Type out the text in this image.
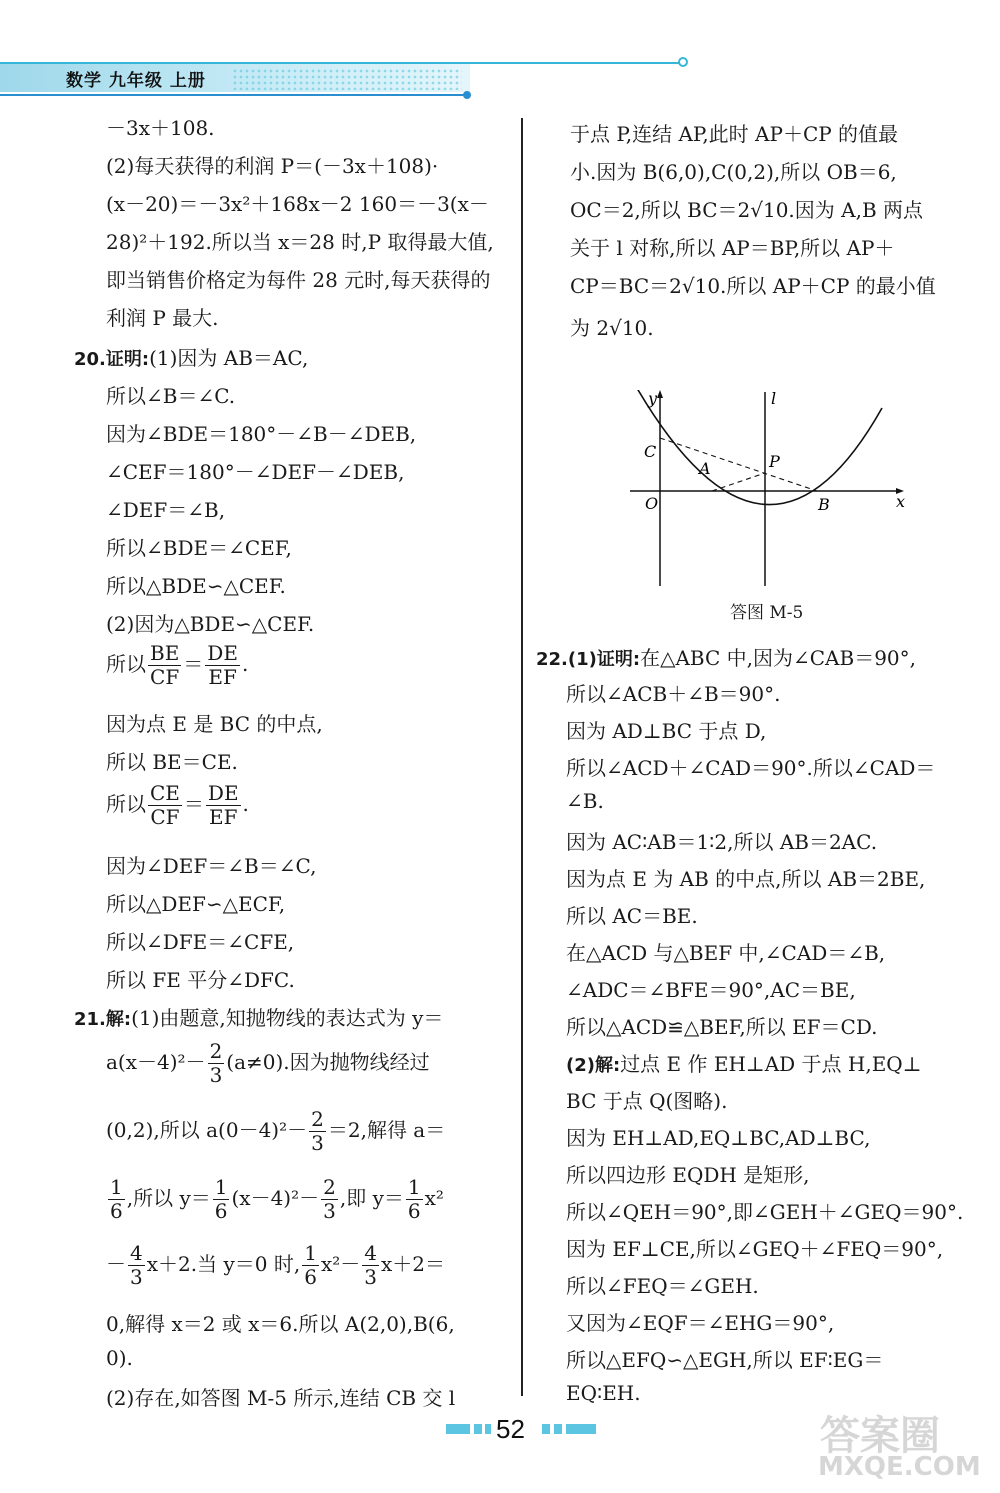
数学 九年级 上册
－3x＋108.
(2)每天获得的利润 P＝(－3x＋108)·
(x－20)＝－3x²＋168x－2 160＝－3(x－
28)²＋192.所以当 x＝28 时,P 取得最大值,
即当销售价格定为每件 28 元时,每天获得的
利润 P 最大.
20.证明:(1)因为 AB＝AC,
所以∠B＝∠C.
因为∠BDE＝180°－∠B－∠DEB,
∠CEF＝180°－∠DEF－∠DEB,
∠DEF＝∠B,
所以∠BDE＝∠CEF,
所以△BDE∽△CEF.
(2)因为△BDE∽△CEF.
所以 $\frac{BE}{CF} = \frac{DE}{EF}$ .
因为点 E 是 BC 的中点,
所以 BE＝CE.
所以 $\frac{CE}{CF} = \frac{DE}{EF}$ .
因为∠DEF＝∠B＝∠C,
所以△DEF∽△ECF,
所以∠DFE＝∠CFE,
所以 FE 平分∠DFC.
21.解:(1)由题意,知抛物线的表达式为 y＝
$a(x-4)^2- \frac{2}{3} (a\ne 0)$.因为抛物线经过
(0,2),所以 $a(0-4)^2- \frac{2}{3} =2$,解得 a＝
$\frac{1}{6}$ ,所以 $y= \frac{1}{6} (x-4)^2- \frac{2}{3}$ ,即 $y= \frac{1}{6} x^2$
－ $\frac{4}{3} x+2$.当 y＝0 时, $\frac{1}{6} x^2- \frac{4}{3} x+2=$
0,解得 x＝2 或 x＝6.所以 A(2,0),B(6,
0).
(2)存在,如答图 M-5 所示,连结 CB 交 l
于点 P,连结 AP,此时 AP＋CP 的值最
小.因为 B(6,0),C(0,2),所以 OB＝6,
OC＝2,所以 BC＝2√10.因为 A,B 两点
关于 l 对称,所以 AP＝BP,所以 AP＋
CP＝BC＝2√10.所以 AP＋CP 的最小值
为 2√10.
22.(1)证明:在△ABC 中,因为∠CAB＝90°,
所以∠ACB＋∠B＝90°.
因为 AD⊥BC 于点 D,
所以∠ACD＋∠CAD＝90°.所以∠CAD＝
∠B.
因为 AC∶AB＝1∶2,所以 AB＝2AC.
因为点 E 为 AB 的中点,所以 AB＝2BE,
所以 AC＝BE.
在△ACD 与△BEF 中,∠CAD＝∠B,
∠ADC＝∠BFE＝90°,AC＝BE,
所以△ACD≌△BEF,所以 EF＝CD.
(2)解:过点 E 作 EH⊥AD 于点 H,EQ⊥
BC 于点 Q(图略).
因为 EH⊥AD,EQ⊥BC,AD⊥BC,
所以四边形 EQDH 是矩形,
所以∠QEH＝90°,即∠GEH＋∠GEQ＝90°.
因为 EF⊥CE,所以∠GEQ＋∠FEQ＝90°,
所以∠FEQ＝∠GEH.
又因为∠EQF＝∠EHG＝90°,
所以△EFQ∽△EGH,所以 EF∶EG＝
EQ∶EH.
y	l
C
A	P
O	B	x
答图 M-5
52	答案圈
MXQE.COM
